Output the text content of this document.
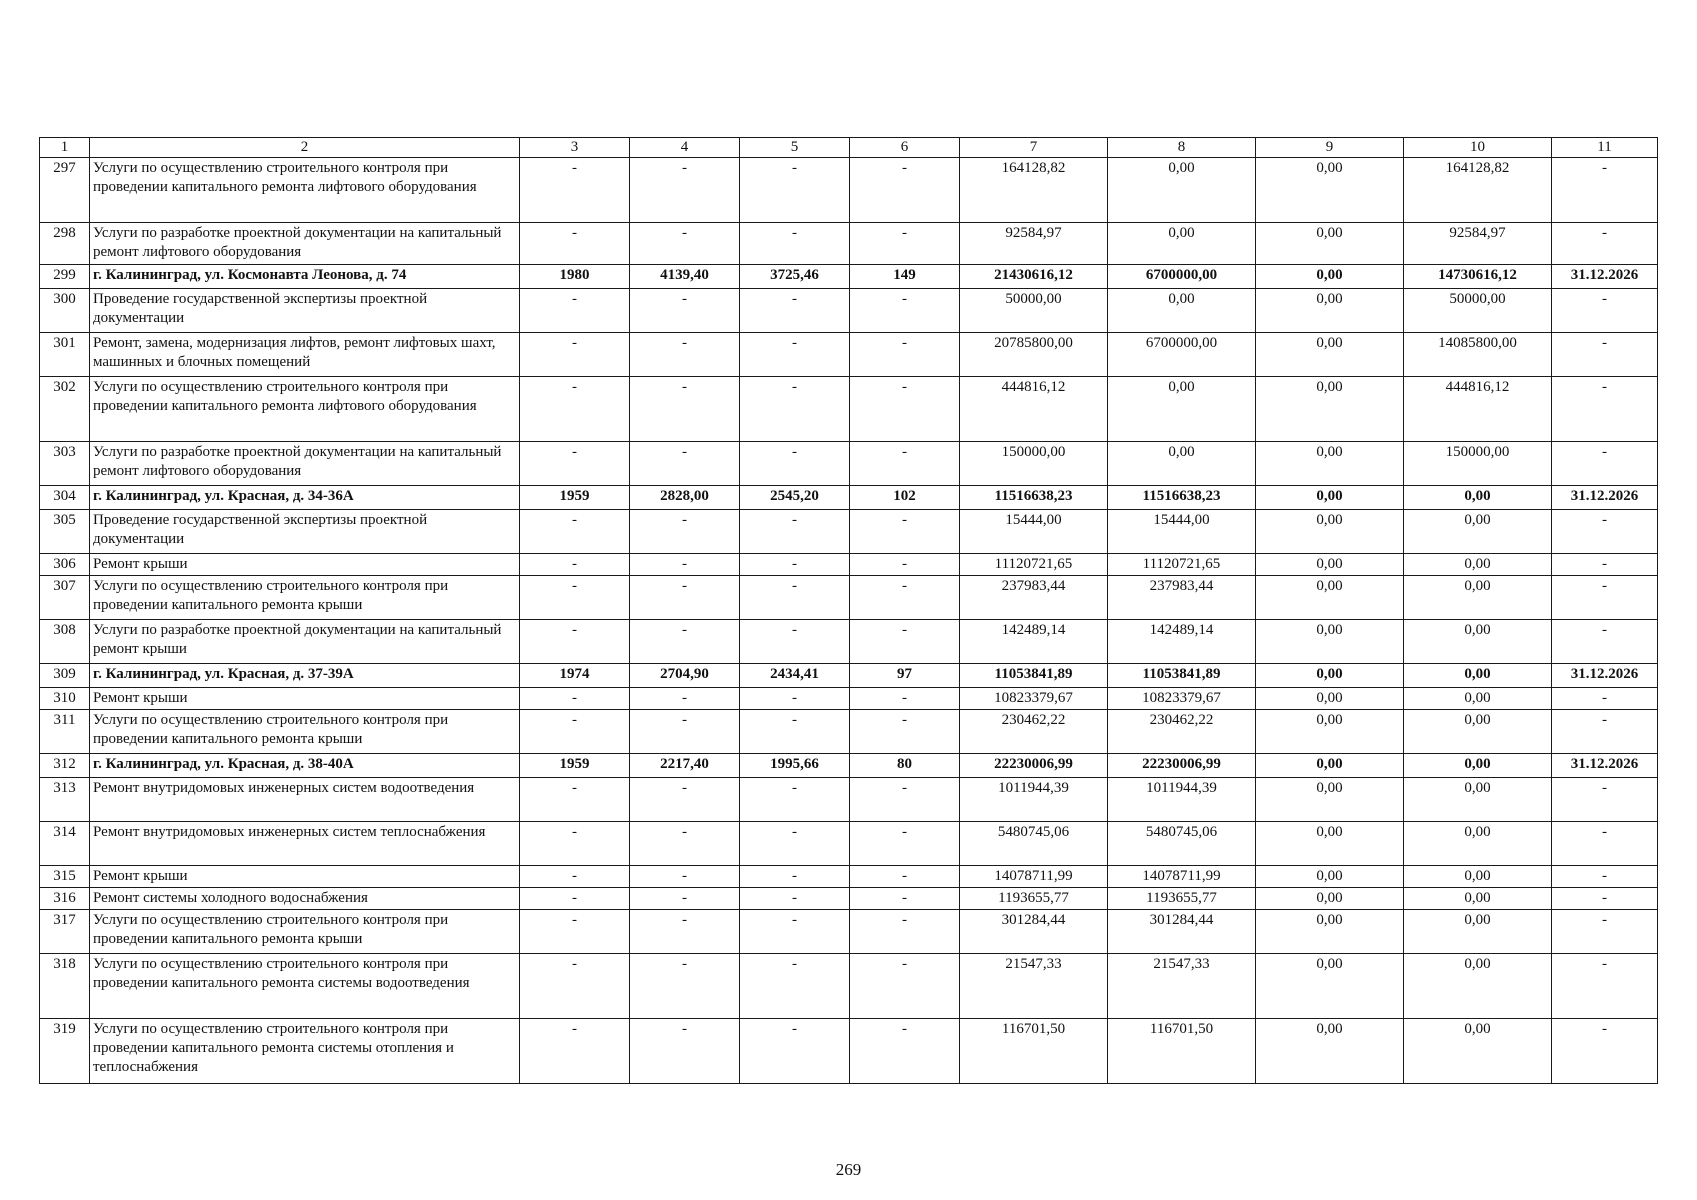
1	2	3	4	5	6	7	8	9	10	11
297	Услуги по осуществлению строительного контроля при проведении капитального ремонта лифтового оборудования	-	-	-	-	164128,82	0,00	0,00	164128,82	-
298	Услуги по разработке проектной документации на капитальный ремонт лифтового оборудования	-	-	-	-	92584,97	0,00	0,00	92584,97	-
299	г. Калининград, ул. Космонавта Леонова, д. 74	1980	4139,40	3725,46	149	21430616,12	6700000,00	0,00	14730616,12	31.12.2026
300	Проведение государственной экспертизы проектной документации	-	-	-	-	50000,00	0,00	0,00	50000,00	-
301	Ремонт, замена, модернизация лифтов, ремонт лифтовых шахт, машинных и блочных помещений	-	-	-	-	20785800,00	6700000,00	0,00	14085800,00	-
302	Услуги по осуществлению строительного контроля при проведении капитального ремонта лифтового оборудования	-	-	-	-	444816,12	0,00	0,00	444816,12	-
303	Услуги по разработке проектной документации на капитальный ремонт лифтового оборудования	-	-	-	-	150000,00	0,00	0,00	150000,00	-
304	г. Калининград, ул. Красная, д. 34-36А	1959	2828,00	2545,20	102	11516638,23	11516638,23	0,00	0,00	31.12.2026
305	Проведение государственной экспертизы проектной документации	-	-	-	-	15444,00	15444,00	0,00	0,00	-
306	Ремонт крыши	-	-	-	-	11120721,65	11120721,65	0,00	0,00	-
307	Услуги по осуществлению строительного контроля при проведении капитального ремонта крыши	-	-	-	-	237983,44	237983,44	0,00	0,00	-
308	Услуги по разработке проектной документации на капитальный ремонт крыши	-	-	-	-	142489,14	142489,14	0,00	0,00	-
309	г. Калининград, ул. Красная, д. 37-39А	1974	2704,90	2434,41	97	11053841,89	11053841,89	0,00	0,00	31.12.2026
310	Ремонт крыши	-	-	-	-	10823379,67	10823379,67	0,00	0,00	-
311	Услуги по осуществлению строительного контроля при проведении капитального ремонта крыши	-	-	-	-	230462,22	230462,22	0,00	0,00	-
312	г. Калининград, ул. Красная, д. 38-40А	1959	2217,40	1995,66	80	22230006,99	22230006,99	0,00	0,00	31.12.2026
313	Ремонт внутридомовых инженерных систем водоотведения	-	-	-	-	1011944,39	1011944,39	0,00	0,00	-
314	Ремонт внутридомовых инженерных систем теплоснабжения	-	-	-	-	5480745,06	5480745,06	0,00	0,00	-
315	Ремонт крыши	-	-	-	-	14078711,99	14078711,99	0,00	0,00	-
316	Ремонт системы холодного водоснабжения	-	-	-	-	1193655,77	1193655,77	0,00	0,00	-
317	Услуги по осуществлению строительного контроля при проведении капитального ремонта крыши	-	-	-	-	301284,44	301284,44	0,00	0,00	-
318	Услуги по осуществлению строительного контроля при проведении капитального ремонта системы водоотведения	-	-	-	-	21547,33	21547,33	0,00	0,00	-
319	Услуги по осуществлению строительного контроля при проведении капитального ремонта системы отопления и теплоснабжения	-	-	-	-	116701,50	116701,50	0,00	0,00	-
269
